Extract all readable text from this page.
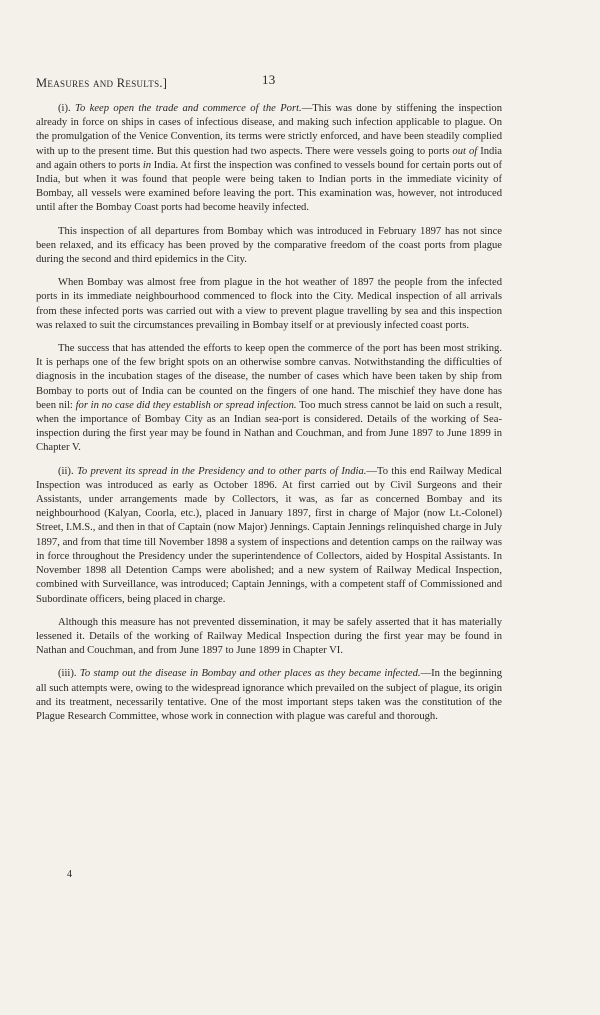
Measures and Results.]	13

(i). To keep open the trade and commerce of the Port.—This was done by stiffening the inspection already in force on ships in cases of infectious disease, and making such infection applicable to plague. On the promulgation of the Venice Convention, its terms were strictly enforced, and have been steadily complied with up to the present time. But this question had two aspects. There were vessels going to ports out of India and again others to ports in India. At first the inspection was confined to vessels bound for certain ports out of India, but when it was found that people were being taken to Indian ports in the immediate vicinity of Bombay, all vessels were examined before leaving the port. This examination was, however, not introduced until after the Bombay Coast ports had become heavily infected.

This inspection of all departures from Bombay which was introduced in February 1897 has not since been relaxed, and its efficacy has been proved by the comparative freedom of the coast ports from plague during the second and third epidemics in the City.

When Bombay was almost free from plague in the hot weather of 1897 the people from the infected ports in its immediate neighbourhood commenced to flock into the City. Medical inspection of all arrivals from these infected ports was carried out with a view to prevent plague travelling by sea and this inspection was relaxed to suit the circumstances prevailing in Bombay itself or at previously infected coast ports.

The success that has attended the efforts to keep open the commerce of the port has been most striking. It is perhaps one of the few bright spots on an otherwise sombre canvas. Notwithstanding the difficulties of diagnosis in the incubation stages of the disease, the number of cases which have been taken by ship from Bombay to ports out of India can be counted on the fingers of one hand. The mischief they have done has been nil: for in no case did they establish or spread infection. Too much stress cannot be laid on such a result, when the importance of Bombay City as an Indian sea-port is considered. Details of the working of Sea-inspection during the first year may be found in Nathan and Couchman, and from June 1897 to June 1899 in Chapter V.

(ii). To prevent its spread in the Presidency and to other parts of India.—To this end Railway Medical Inspection was introduced as early as October 1896. At first carried out by Civil Surgeons and their Assistants, under arrangements made by Collectors, it was, as far as concerned Bombay and its neighbourhood (Kalyan, Coorla, etc.), placed in January 1897, first in charge of Major (now Lt.-Colonel) Street, I.M.S., and then in that of Captain (now Major) Jennings. Captain Jennings relinquished charge in July 1897, and from that time till November 1898 a system of inspections and detention camps on the railway was in force throughout the Presidency under the superintendence of Collectors, aided by Hospital Assistants. In November 1898 all Detention Camps were abolished; and a new system of Railway Medical Inspection, combined with Surveillance, was introduced; Captain Jennings, with a competent staff of Commissioned and Subordinate officers, being placed in charge.

Although this measure has not prevented dissemination, it may be safely asserted that it has materially lessened it. Details of the working of Railway Medical Inspection during the first year may be found in Nathan and Couchman, and from June 1897 to June 1899 in Chapter VI.

(iii). To stamp out the disease in Bombay and other places as they became infected.—In the beginning all such attempts were, owing to the widespread ignorance which prevailed on the subject of plague, its origin and its treatment, necessarily tentative. One of the most important steps taken was the constitution of the Plague Research Committee, whose work in connection with plague was careful and thorough.

4
